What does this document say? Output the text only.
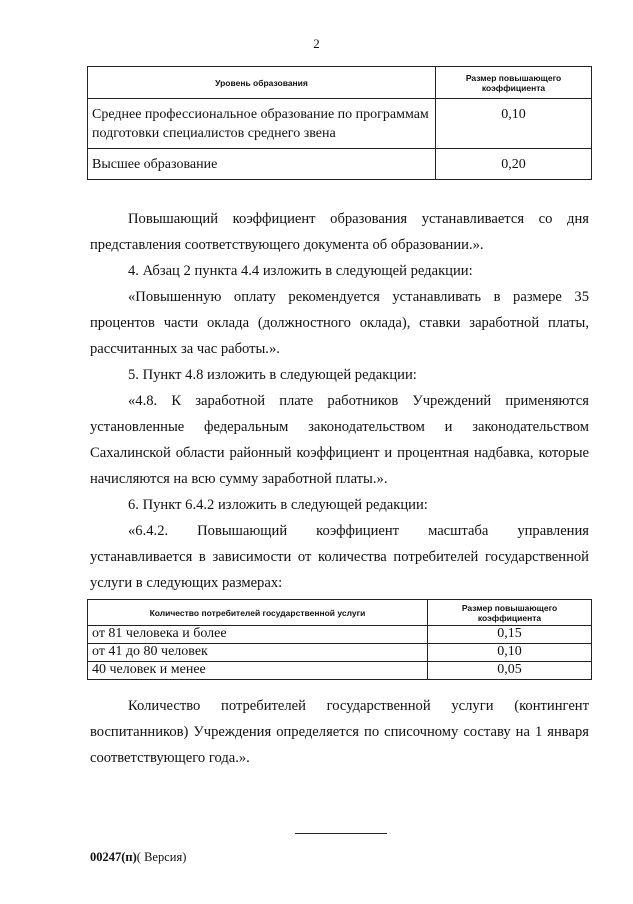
2
Уровень образования	Размер повышающего коэффициента
Среднее профессиональное образование по программам подготовки специалистов среднего звена	0,10
Высшее образование	0,20

Повышающий коэффициент образования устанавливается со дня представления соответствующего документа об образовании.».

4. Абзац 2 пункта 4.4 изложить в следующей редакции:

«Повышенную оплату рекомендуется устанавливать в размере 35 процентов части оклада (должностного оклада), ставки заработной платы, рассчитанных за час работы.».

5. Пункт 4.8 изложить в следующей редакции:

«4.8. К заработной плате работников Учреждений применяются установленные федеральным законодательством и законодательством Сахалинской области районный коэффициент и процентная надбавка, которые начисляются на всю сумму заработной платы.».

6. Пункт 6.4.2 изложить в следующей редакции:

«6.4.2. Повышающий коэффициент масштаба управления устанавливается в зависимости от количества потребителей государственной услуги в следующих размерах:

Количество потребителей государственной услуги	Размер повышающего коэффициента
от 81 человека и более	0,15
от 41 до 80 человек	0,10
40 человек и менее	0,05

Количество потребителей государственной услуги (контингент воспитанников) Учреждения определяется по списочному составу на 1 января соответствующего года.».

00247(п)( Версия)
